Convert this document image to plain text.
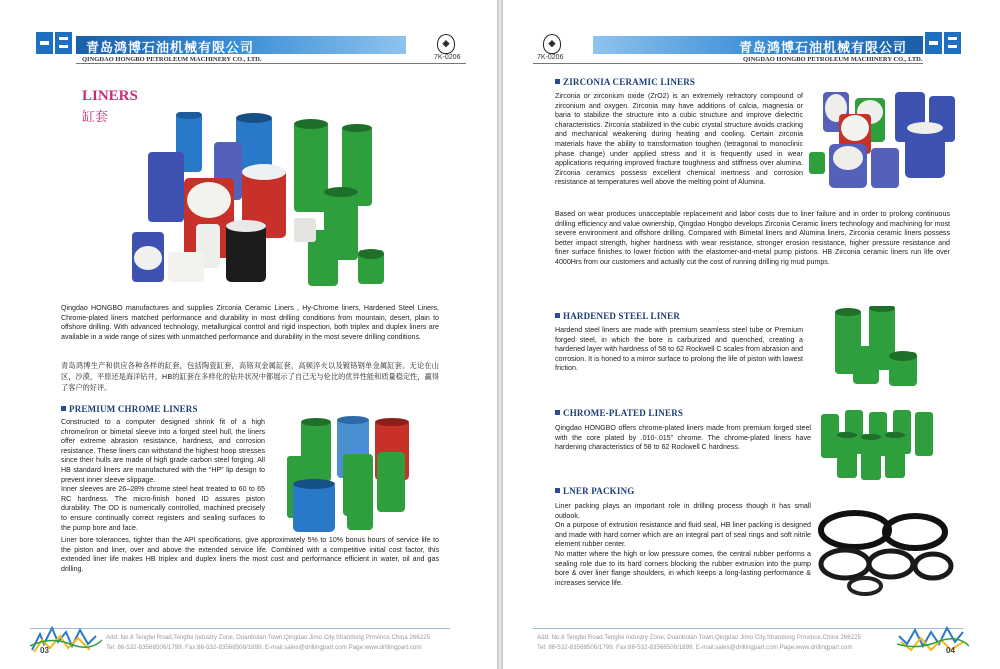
青岛鸿博石油机械有限公司	◈
QINGDAO HONGBO PETROLEUM MACHINERY CO., LTD.	7K-0206
LINERS
缸套
Qingdao HONGBO manufactures and supplies Zirconia Ceramic Liners , Hy-Chrome liners, Hardened Steel Liners, Chrome-plated liners matched performance and durability in most drilling conditions from mountain, desert, plain to offshore drilling. With advanced technology, metallurgical control and rigid inspection, both triplex and duplex liners are available in a wide range of sizes with unmatched performance and durability in the most severe drilling conditions.
青岛鸿博生产和供应各种各样的缸套，包括陶瓷缸套，高铬双金属缸套，高频淬火以及镀铬钢单金属缸套。无论在山区，沙漠，平原还是海洋钻井，HB的缸套在多样化的钻井状况中都展示了自己无与伦比的优异性能和质量稳定性，赢得了客户的好评。
PREMIUM CHROME LINERS

Constructed to a computer designed shrink fit of a high chrome/iron or bimetal sleeve into a forged steel hull, the liners offer extreme abrasion resistance, hardness, and corrosion resistance. These liners can withstand the highest hoop stresses since their hulls are made of high grade carbon steel forging. All HB standard liners are manufactured with the “HP” lip design to prevent inner sleeve slippage.

Inner sleeves are 26–28% chrome steel heat treated to 60 to 65 RC hardness. The micro-finish honed ID assures piston durability. The OD is numerically controlled, machined precisely to ensure continually correct registers and sealing surfaces to the pump bore and face.

Liner bore tolerances, tighter than the API specifications, give approximately 5% to 10% bonus hours of service life to the piston and liner, over and above the extended service life. Combined with a competitive initial cost factor, this extended liner life makes HB triplex and duplex liners the most cost and performance efficient in water, oil and gas drilling.
Add: No.8 Tengfei Road,Tengfei Industry Zone, Duanbolan Town,Qingdao Jimo City,Shandong Province,China 266225
Tel: 86-532-83568506/1799, Fax:86-532-83568508/1899, E-mail:sales@drillingpart.com Page:www.drillingpart.com
03
◈
7K-0206
青岛鸿博石油机械有限公司
QINGDAO HONGBO PETROLEUM MACHINERY CO., LTD.
ZIRCONIA CERAMIC LINERS
Zirconia or zirconium oxide (ZrO2) is an extremely refractory compound of zirconium and oxygen. Zirconia may have additions of calcia, magnesia or baria to stabilize the structure into a cubic structure and improve dielectric characteristics. Zirconia stabilized in the cubic crystal structure avoids cracking and mechanical weakening during heating and cooling. Certain zirconia materials have the ability to transformation toughen (tetragonal to monoclinic phase change) under applied stress and it is frequently used in wear applications requiring improved fracture toughness and stiffness over alumina. Zirconia ceramics possess excellent chemical inertness and corrosion resistance at temperatures well above the melting point of Alumina.
Based on wear produces unacceptable replacement and labor costs due to liner failure and in order to prolong continuous drilling efficiency and value ownership, Qingdao Hongbo develops Zirconia Ceramic liners technology and machining for most severe environment and offshore drilling. Compared with Bimetal liners and Alumina liners, Zirconia ceramic liners possess better impact strength, higher hardness with wear resistance, stronger erosion resistance, higher pressure resistance and finer surface finishes to lower friction with the elastomer-and-metal pump pistons. HB Zirconia ceramic liners run life over 4000Hrs from our customers and actually cut the cost of running drilling rig mud pumps.
HARDENED STEEL LINER
Hardend steel liners are made with premium seamless steel tube or Premium forged steel, in which the bore is carburized and quenched, creating a hardened layer with hardness of 58 to 62 Rockwell C scales from abrasion and corrosion. It is honed to a mirror surface to prolong the life of piston with lowest friction.
CHROME-PLATED LINERS
Qingdao HONGBO offers chrome-plated liners made from premium forged steel with the core plated by .010-.015” chrome. The chrome-plated liners have hardening characteristics of 58 to 62 Rockwell C hardness.
LNER PACKING

Liner packing plays an important role in drilling process though it has small outlook.

On a purpose of extrusion resistance and fluid seal, HB liner packing is designed and made with hard corner which are an integral part of seal rings and soft nitrile element rubber center.

No matter where the high or low pressure comes, the central rubber performs a sealing role due to its hard corners blocking the rubber extrusion into the pump bore & over liner flange shoulders, in which keeps a long-lasting performance & increases service life.

Add: No.8 Tengfei Road,Tengfei Industry Zone, Duanbolan Town,Qingdao Jimo City,Shandong Province,China 266225
Tel: 86-532-83568506/1799, Fax:86-532-83568508/1899, E-mail:sales@drillingpart.com Page:www.drillingpart.com	04
